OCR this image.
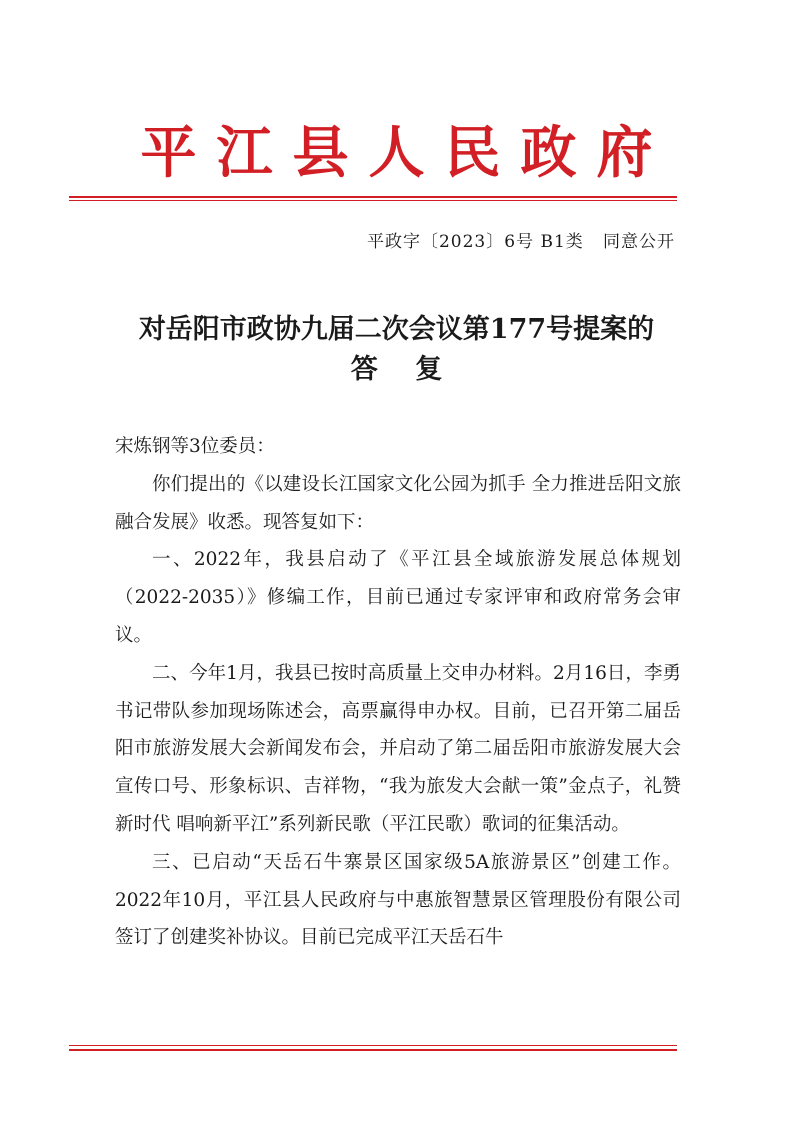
平江县人民政府
平政字〔2023〕6号 B1类   同意公开
对岳阳市政协九届二次会议第177号提案的
答    复

宋炼钢等3位委员：

你们提出的《以建设长江国家文化公园为抓手 全力推进岳阳文旅融合发展》收悉。现答复如下：

一、2022年，我县启动了《平江县全域旅游发展总体规划（2022-2035）》修编工作，目前已通过专家评审和政府常务会审议。

二、今年1月，我县已按时高质量上交申办材料。2月16日，李勇书记带队参加现场陈述会，高票赢得申办权。目前，已召开第二届岳阳市旅游发展大会新闻发布会，并启动了第二届岳阳市旅游发展大会宣传口号、形象标识、吉祥物，“我为旅发大会献一策”金点子，礼赞新时代 唱响新平江”系列新民歌（平江民歌）歌词的征集活动。

三、已启动“天岳石牛寨景区国家级5A旅游景区”创建工作。2022年10月，平江县人民政府与中惠旅智慧景区管理股份有限公司签订了创建奖补协议。目前已完成平江天岳石牛
